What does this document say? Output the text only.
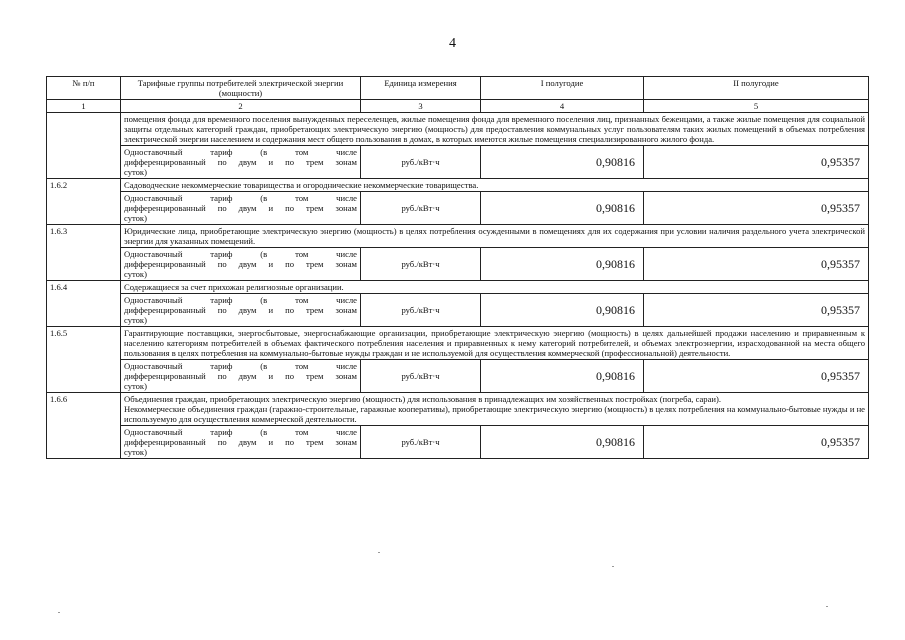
4
№ п/п	Тарифные группы потребителей электрической энергии (мощности)	Единица измерения	I полугодие	II полугодие
1	2	3	4	5

	помещения фонда для временного поселения вынужденных переселенцев, жилые помещения фонда для временного поселения лиц, признанных беженцами, а также жилые помещения для социальной защиты отдельных категорий граждан, приобретающих электрическую энергию (мощность) для предоставления коммунальных услуг пользователям таких жилых помещений в объемах потребления электрической энергии населением и содержания мест общего пользования в домах, в которых имеются жилые помещения специализированного жилого фонда.			

	Одноставочный тариф (в том числе
дифференцированный по двум и по трем зонам
суток)	руб./кВт·ч	0,90816	0,95357
1.6.2	Садоводческие некоммерческие товарищества и огороднические некоммерческие товарищества.			

	Одноставочный тариф (в том числе
дифференцированный по двум и по трем зонам
суток)	руб./кВт·ч	0,90816	0,95357
1.6.3	Юридические лица, приобретающие электрическую энергию (мощность) в целях потребления осужденными в помещениях для их содержания при условии наличия раздельного учета электрической энергии для указанных помещений.			

	Одноставочный тариф (в том числе
дифференцированный по двум и по трем зонам
суток)	руб./кВт·ч	0,90816	0,95357
1.6.4	Содержащиеся за счет прихожан религиозные организации.			

	Одноставочный тариф (в том числе
дифференцированный по двум и по трем зонам
суток)	руб./кВт·ч	0,90816	0,95357
1.6.5	Гарантирующие поставщики, энергосбытовые, энергоснабжающие организации, приобретающие электрическую энергию (мощность) в целях дальнейшей продажи населению и приравненным к населению категориям потребителей в объемах фактического потребления населения и приравненных к нему категорий потребителей, и объемах электроэнергии, израсходованной на места общего пользования в целях потребления на коммунально-бытовые нужды граждан и не используемой для осуществления коммерческой (профессиональной) деятельности.			

	Одноставочный тариф (в том числе
дифференцированный по двум и по трем зонам
суток)	руб./кВт·ч	0,90816	0,95357
1.6.6	Объединения граждан, приобретающих электрическую энергию (мощность) для использования в принадлежащих им хозяйственных постройках (погреба, сараи).

Некоммерческие объединения граждан (гаражно-строительные, гаражные кооперативы), приобретающие электрическую энергию (мощность) в целях потребления на коммунально-бытовые нужды и не используемую для осуществления коммерческой деятельности.			

	Одноставочный тариф (в том числе
дифференцированный по двум и по трем зонам
суток)	руб./кВт·ч	0,90816	0,95357
